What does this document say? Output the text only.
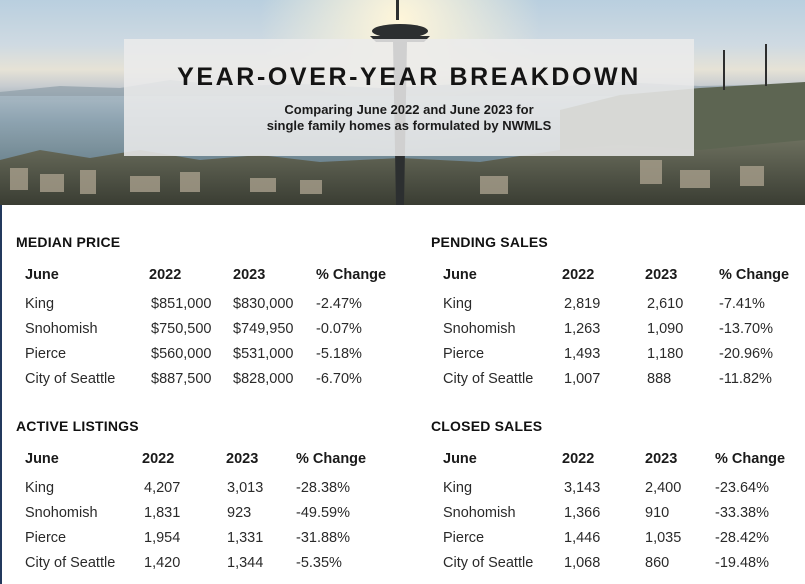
YEAR-OVER-YEAR BREAKDOWN
Comparing June 2022 and June 2023 for
single family homes as formulated by NWMLS
MEDIAN PRICE
June	2022	2023	% Change
King	$851,000 $830,000 -2.47%
Snohomish	$750,500 $749,950 -0.07%
Pierce	$560,000 $531,000 -5.18%
City of Seattle $887,500 $828,000 -6.70%
PENDING SALES
June	2022	2023	% Change
King	2,819	2,610 -7.41%
Snohomish	1,263	1,090 -13.70%
Pierce	1,493	1,180 -20.96%
City of Seattle 1,007	888	-11.82%
ACTIVE LISTINGS
June	2022	2023	% Change
King	4,207	3,013 -28.38%
Snohomish	1,831	923	-49.59%
Pierce	1,954	1,331 -31.88%
City of Seattle 1,420	1,344 -5.35%
CLOSED SALES
June	2022	2023	% Change
King	3,143	2,400 -23.64%
Snohomish	1,366	910	-33.38%
Pierce	1,446	1,035 -28.42%
City of Seattle 1,068	860	-19.48%
